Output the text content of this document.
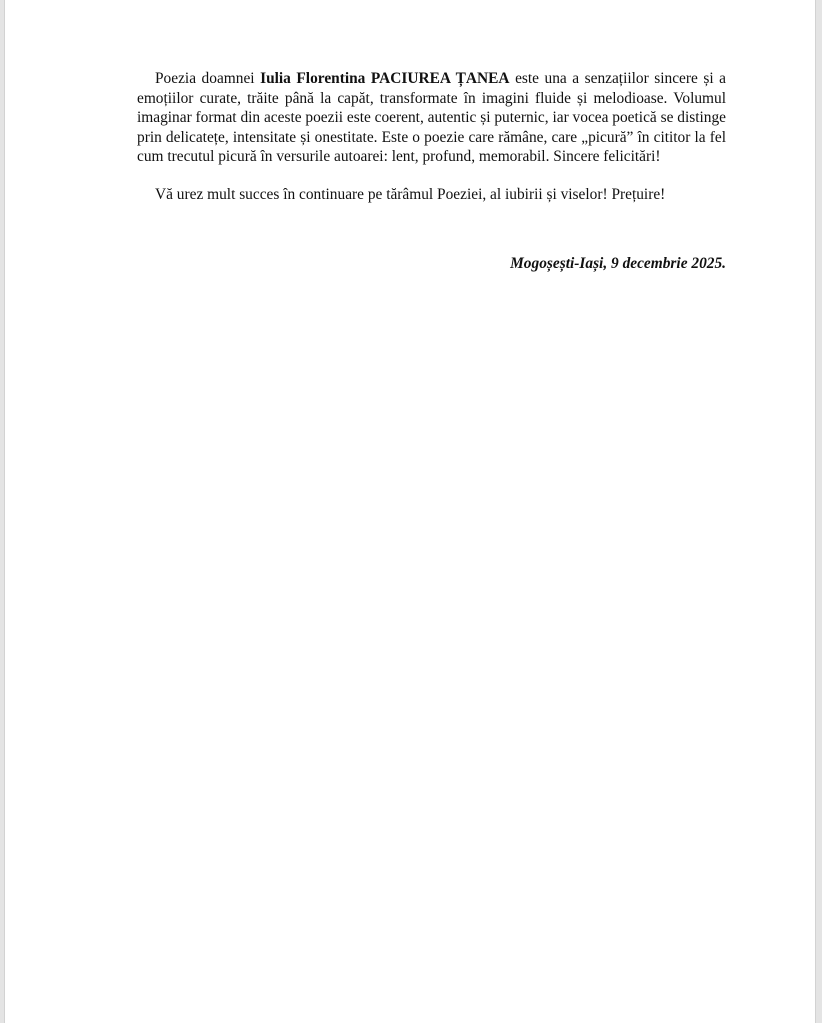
Poezia doamnei Iulia Florentina PACIUREA ȚANEA este una a senzațiilor sincere și a emoțiilor curate, trăite până la capăt, transformate în imagini fluide și melodioase. Volumul imaginar format din aceste poezii este coerent, autentic și puternic, iar vocea poetică se distinge prin delicatețe, intensitate și onestitate. Este o poezie care rămâne, care „picură” în cititor la fel cum trecutul picură în versurile autoarei: lent, profund, memorabil. Sincere felicitări!

Vă urez mult succes în continuare pe tărâmul Poeziei, al iubirii și viselor! Prețuire!

Mogoșești-Iași, 9 decembrie 2025.
